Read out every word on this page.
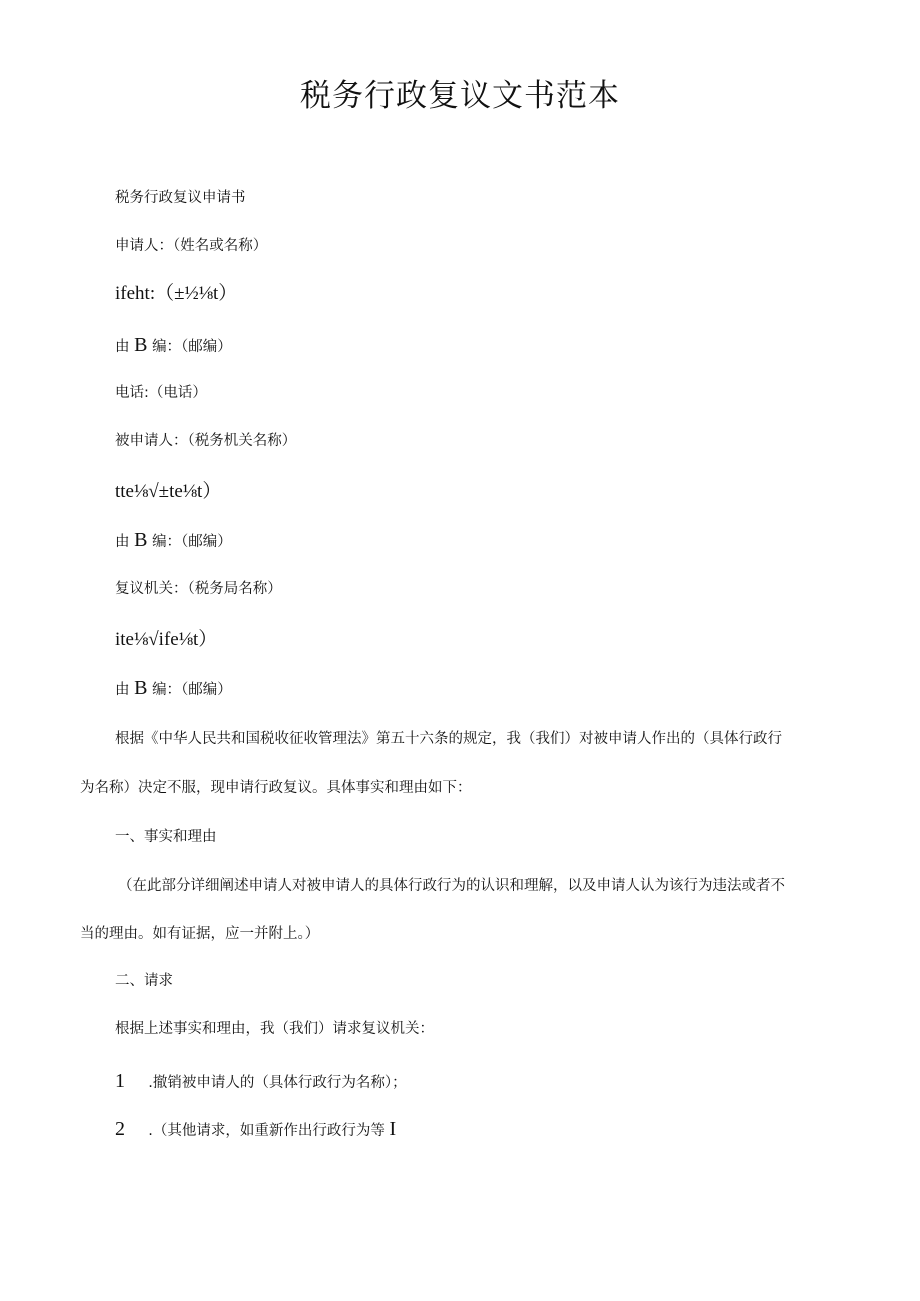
税务行政复议文书范本
税务行政复议申请书
申请人：（姓名或名称）
ifeht:（±½⅛t）
由 B 编：（邮编）
电话:（电话）
被申请人：（税务机关名称）
tte⅛√±te⅛t）
由 B 编：（邮编）
复议机关：（税务局名称）
ite⅛√ife⅛t）
由 B 编：（邮编）
根据《中华人民共和国税收征收管理法》第五十六条的规定，我（我们）对被申请人作出的（具体行政行
为名称）决定不服，现申请行政复议。具体事实和理由如下：
一、事实和理由
（在此部分详细阐述申请人对被申请人的具体行政行为的认识和理解，以及申请人认为该行为违法或者不
当的理由。如有证据，应一并附上。）
二、请求
根据上述事实和理由，我（我们）请求复议机关：
1 .撤销被申请人的（具体行政行为名称）；
2 .（其他请求，如重新作出行政行为等 I
